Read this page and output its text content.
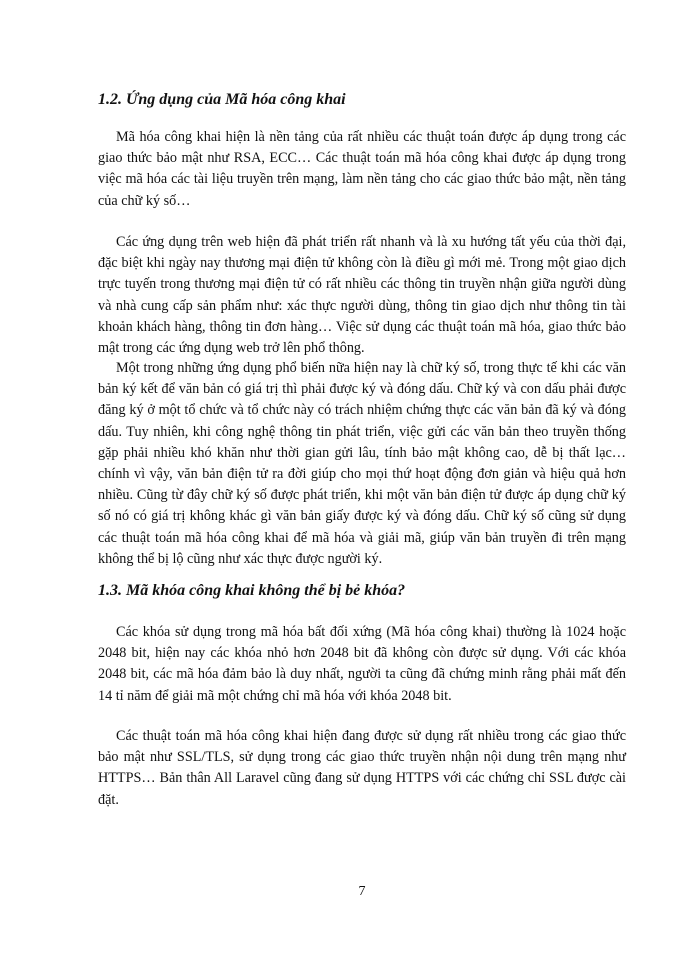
1.2. Ứng dụng của Mã hóa công khai

Mã hóa công khai hiện là nền tảng của rất nhiều các thuật toán được áp dụng trong các giao thức bảo mật như RSA, ECC… Các thuật toán mã hóa công khai được áp dụng trong việc mã hóa các tài liệu truyền trên mạng, làm nền tảng cho các giao thức bảo mật, nền tảng của chữ ký số…

Các ứng dụng trên web hiện đã phát triển rất nhanh và là xu hướng tất yếu của thời đại, đặc biệt khi ngày nay thương mại điện tử không còn là điều gì mới mẻ. Trong một giao dịch trực tuyến trong thương mại điện tử có rất nhiều các thông tin truyền nhận giữa người dùng và nhà cung cấp sản phẩm như: xác thực người dùng, thông tin giao dịch như thông tin tài khoản khách hàng, thông tin đơn hàng… Việc sử dụng các thuật toán mã hóa, giao thức bảo mật trong các ứng dụng web trở lên phổ thông.

Một trong những ứng dụng phổ biến nữa hiện nay là chữ ký số, trong thực tế khi các văn bản ký kết để văn bản có giá trị thì phải được ký và đóng dấu. Chữ ký và con dấu phải được đăng ký ở một tổ chức và tổ chức này có trách nhiệm chứng thực các văn bản đã ký và đóng dấu. Tuy nhiên, khi công nghệ thông tin phát triển, việc gửi các văn bản theo truyền thống gặp phải nhiều khó khăn như thời gian gửi lâu, tính bảo mật không cao, dễ bị thất lạc… chính vì vậy, văn bản điện tử ra đời giúp cho mọi thứ hoạt động đơn giản và hiệu quả hơn nhiều. Cũng từ đây chữ ký số được phát triển, khi một văn bản điện tử được áp dụng chữ ký số nó có giá trị không khác gì văn bản giấy được ký và đóng dấu. Chữ ký số cũng sử dụng các thuật toán mã hóa công khai để mã hóa và giải mã, giúp văn bản truyền đi trên mạng không thể bị lộ cũng như xác thực được người ký.

1.3. Mã khóa công khai không thể bị bẻ khóa?

Các khóa sử dụng trong mã hóa bất đối xứng (Mã hóa công khai) thường là 1024 hoặc 2048 bit, hiện nay các khóa nhỏ hơn 2048 bit đã không còn được sử dụng. Với các khóa 2048 bit, các mã hóa đảm bảo là duy nhất, người ta cũng đã chứng minh rằng phải mất đến 14 tỉ năm để giải mã một chứng chỉ mã hóa với khóa 2048 bit.

Các thuật toán mã hóa công khai hiện đang được sử dụng rất nhiều trong các giao thức bảo mật như SSL/TLS, sử dụng trong các giao thức truyền nhận nội dung trên mạng như HTTPS… Bản thân All Laravel cũng đang sử dụng HTTPS với các chứng chỉ SSL được cài đặt.

7
